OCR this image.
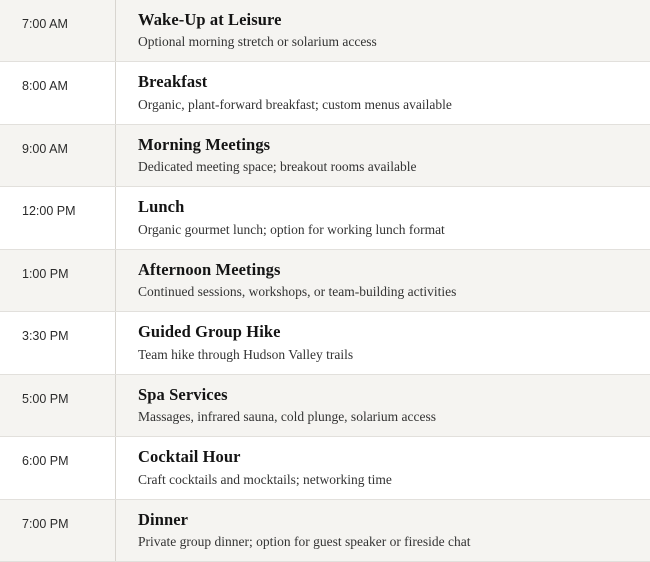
7:00 AM	Wake-Up at Leisure
Optional morning stretch or solarium access
8:00 AM	Breakfast
Organic, plant-forward breakfast; custom menus available
9:00 AM	Morning Meetings
Dedicated meeting space; breakout rooms available
12:00 PM	Lunch
Organic gourmet lunch; option for working lunch format
1:00 PM	Afternoon Meetings
Continued sessions, workshops, or team-building activities
3:30 PM	Guided Group Hike
Team hike through Hudson Valley trails
5:00 PM	Spa Services
Massages, infrared sauna, cold plunge, solarium access
6:00 PM	Cocktail Hour
Craft cocktails and mocktails; networking time
7:00 PM	Dinner
Private group dinner; option for guest speaker or fireside chat
